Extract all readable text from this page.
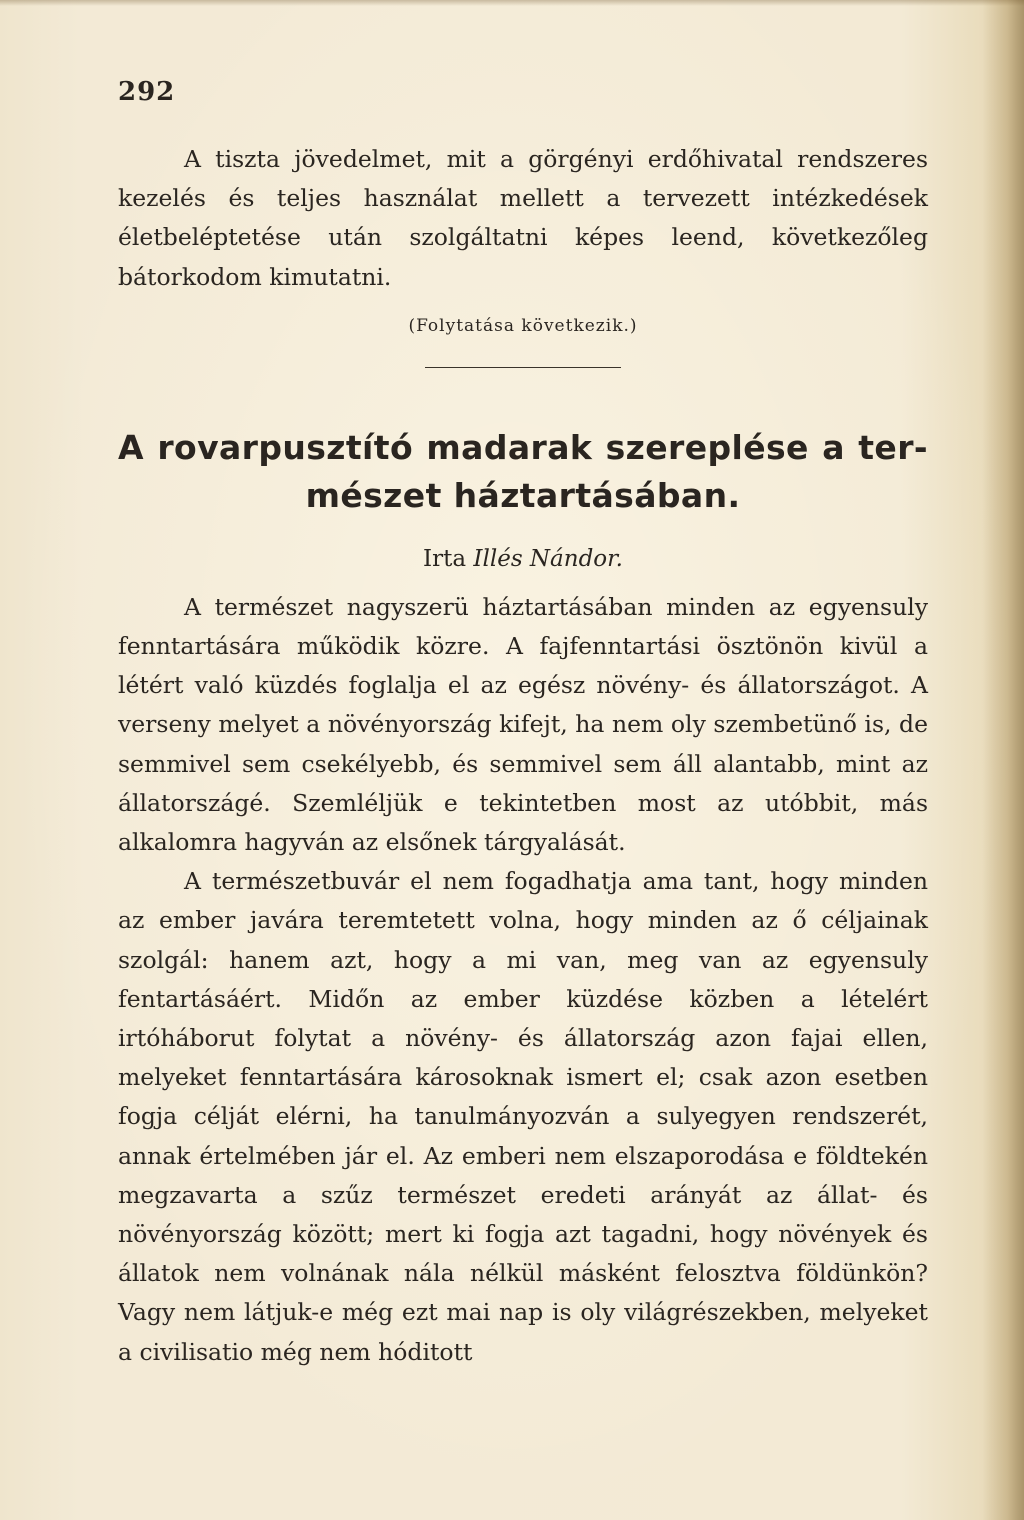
292

A tiszta jövedelmet, mit a görgényi erdőhivatal rendszeres kezelés és teljes használat mellett a tervezett intézkedések életbeléptetése után szolgáltatni képes leend, következőleg bátorkodom kimutatni.

(Folytatása következik.)
A rovarpusztító madarak szereplése a ter-
mészet háztartásában.
Irta Illés Nándor.

A természet nagyszerü háztartásában minden az egyensuly fenntartására működik közre. A fajfenntartási ösztönön kivül a létért való küzdés foglalja el az egész növény- és állatországot. A verseny melyet a növényország kifejt, ha nem oly szembetünő is, de semmivel sem csekélyebb, és semmivel sem áll alantabb, mint az állatországé. Szemléljük e tekintetben most az utóbbit, más alkalomra hagyván az elsőnek tárgyalását.

A természetbuvár el nem fogadhatja ama tant, hogy minden az ember javára teremtetett volna, hogy minden az ő céljainak szolgál: hanem azt, hogy a mi van, meg van az egyensuly fentartásáért. Midőn az ember küzdése közben a lételért irtóháborut folytat a növény- és állatország azon fajai ellen, melyeket fenntartására károsoknak ismert el; csak azon esetben fogja célját elérni, ha tanulmányozván a sulyegyen rendszerét, annak értelmében jár el. Az emberi nem elszaporodása e földtekén megzavarta a szűz természet eredeti arányát az állat- és növényország között; mert ki fogja azt tagadni, hogy növények és állatok nem volnának nála nélkül másként felosztva földünkön? Vagy nem látjuk-e még ezt mai nap is oly világrészekben, melyeket a civilisatio még nem hóditott
